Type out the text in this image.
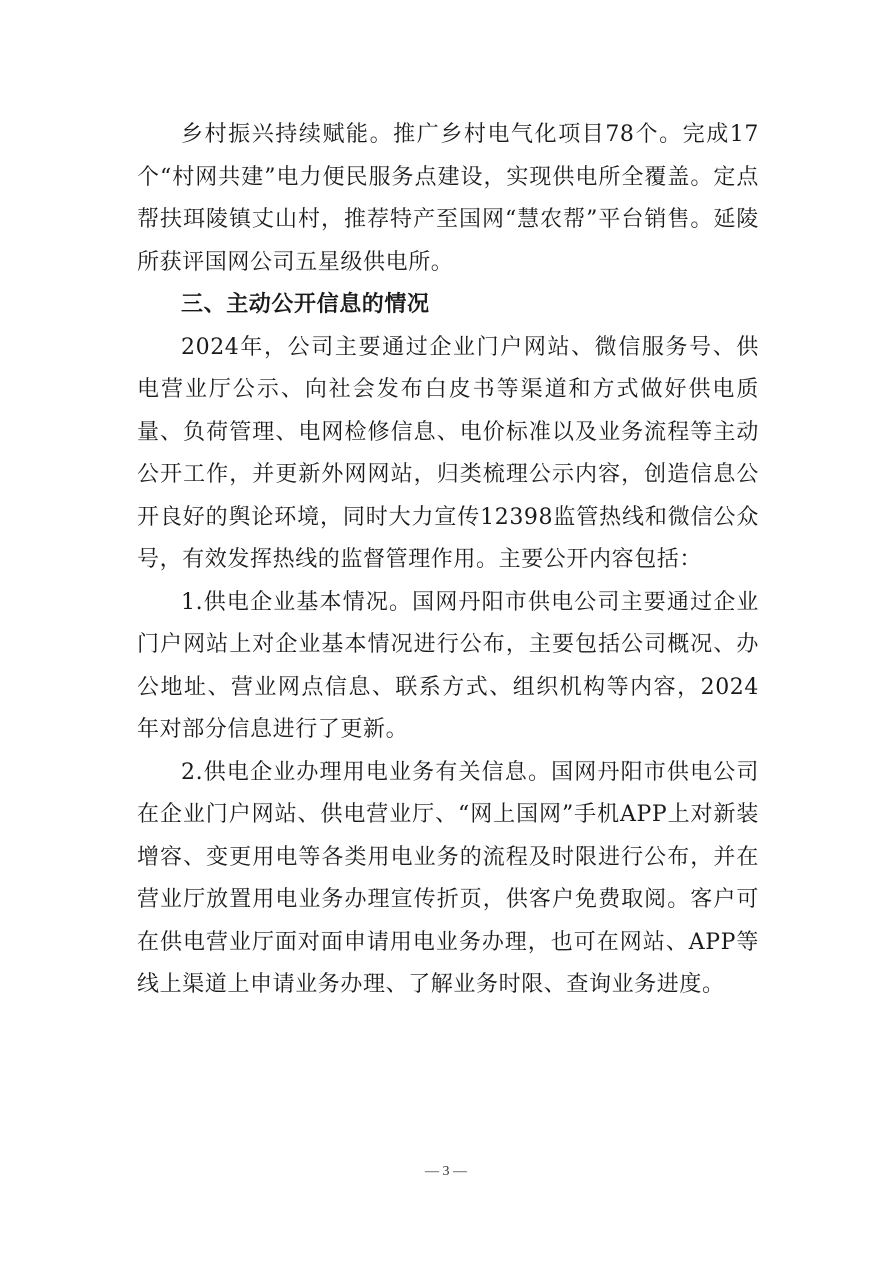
乡村振兴持续赋能。推广乡村电气化项目78个。完成17个“村网共建”电力便民服务点建设，实现供电所全覆盖。定点帮扶珥陵镇丈山村，推荐特产至国网“慧农帮”平台销售。延陵所获评国网公司五星级供电所。

三、主动公开信息的情况

2024年，公司主要通过企业门户网站、微信服务号、供电营业厅公示、向社会发布白皮书等渠道和方式做好供电质量、负荷管理、电网检修信息、电价标准以及业务流程等主动公开工作，并更新外网网站，归类梳理公示内容，创造信息公开良好的舆论环境，同时大力宣传12398监管热线和微信公众号，有效发挥热线的监督管理作用。主要公开内容包括：

1.供电企业基本情况。国网丹阳市供电公司主要通过企业门户网站上对企业基本情况进行公布，主要包括公司概况、办公地址、营业网点信息、联系方式、组织机构等内容，2024年对部分信息进行了更新。

2.供电企业办理用电业务有关信息。国网丹阳市供电公司在企业门户网站、供电营业厅、“网上国网”手机APP上对新装增容、变更用电等各类用电业务的流程及时限进行公布，并在营业厅放置用电业务办理宣传折页，供客户免费取阅。客户可在供电营业厅面对面申请用电业务办理，也可在网站、APP等线上渠道上申请业务办理、了解业务时限、查询业务进度。

— 3 —
